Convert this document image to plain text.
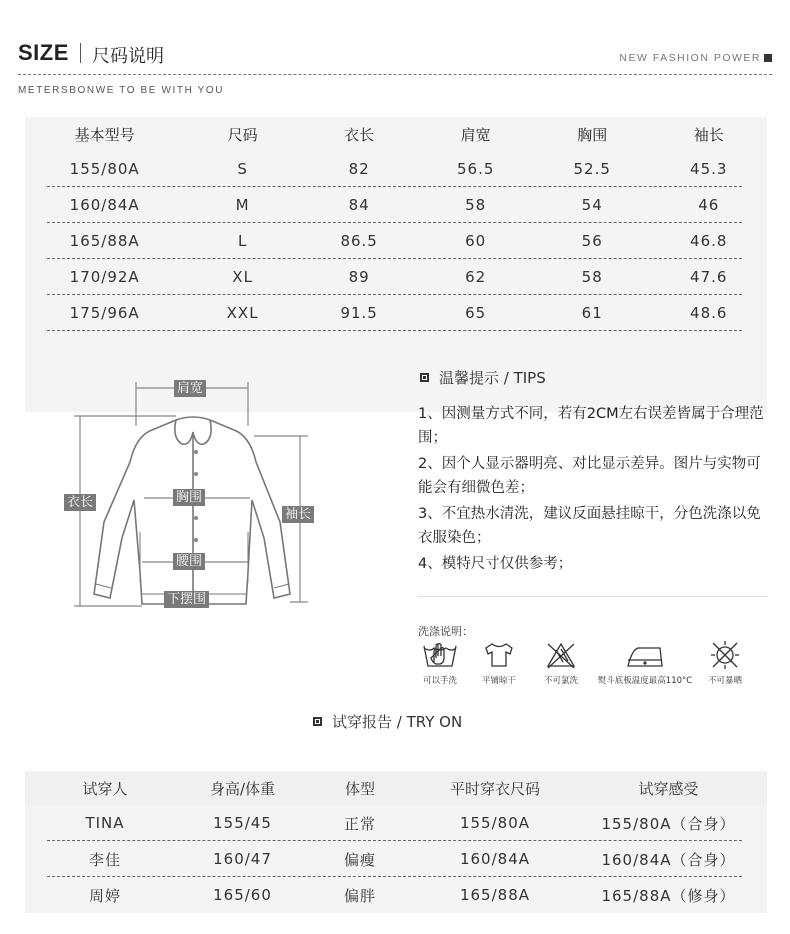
SIZE 尺码说明	NEW FASHION POWER
METERSBONWE TO BE WITH YOU
基本型号	尺码	衣长	肩宽	胸围	袖长
155/80A	S	82	56.5	52.5	45.3
160/84A	M	84	58	54	46
165/88A	L	86.5	60	56	46.8
170/92A	XL	89	62	58	47.6
175/96A	XXL	91.5	65	61	48.6
肩宽
衣长	胸围
袖长
腰围
下摆围
温馨提示 / TIPS

1、因测量方式不同，若有2CM左右误差皆属于合理范围；

2、因个人显示器明亮、对比显示差异。图片与实物可能会有细微色差；

3、不宜热水清洗，建议反面悬挂晾干，分色洗涤以免衣服染色；

4、模特尺寸仅供参考；

洗涤说明：
可以手洗	平铺晾干	不可氯洗	熨斗底板温度最高110°C	不可暴晒
试穿报告 / TRY ON
试穿人	身高/体重	体型	平时穿衣尺码	试穿感受
TINA	155/45	正常	155/80A	155/80A（合身）
李佳	160/47	偏瘦	160/84A	160/84A（合身）
周婷	165/60	偏胖	165/88A	165/88A（修身）
